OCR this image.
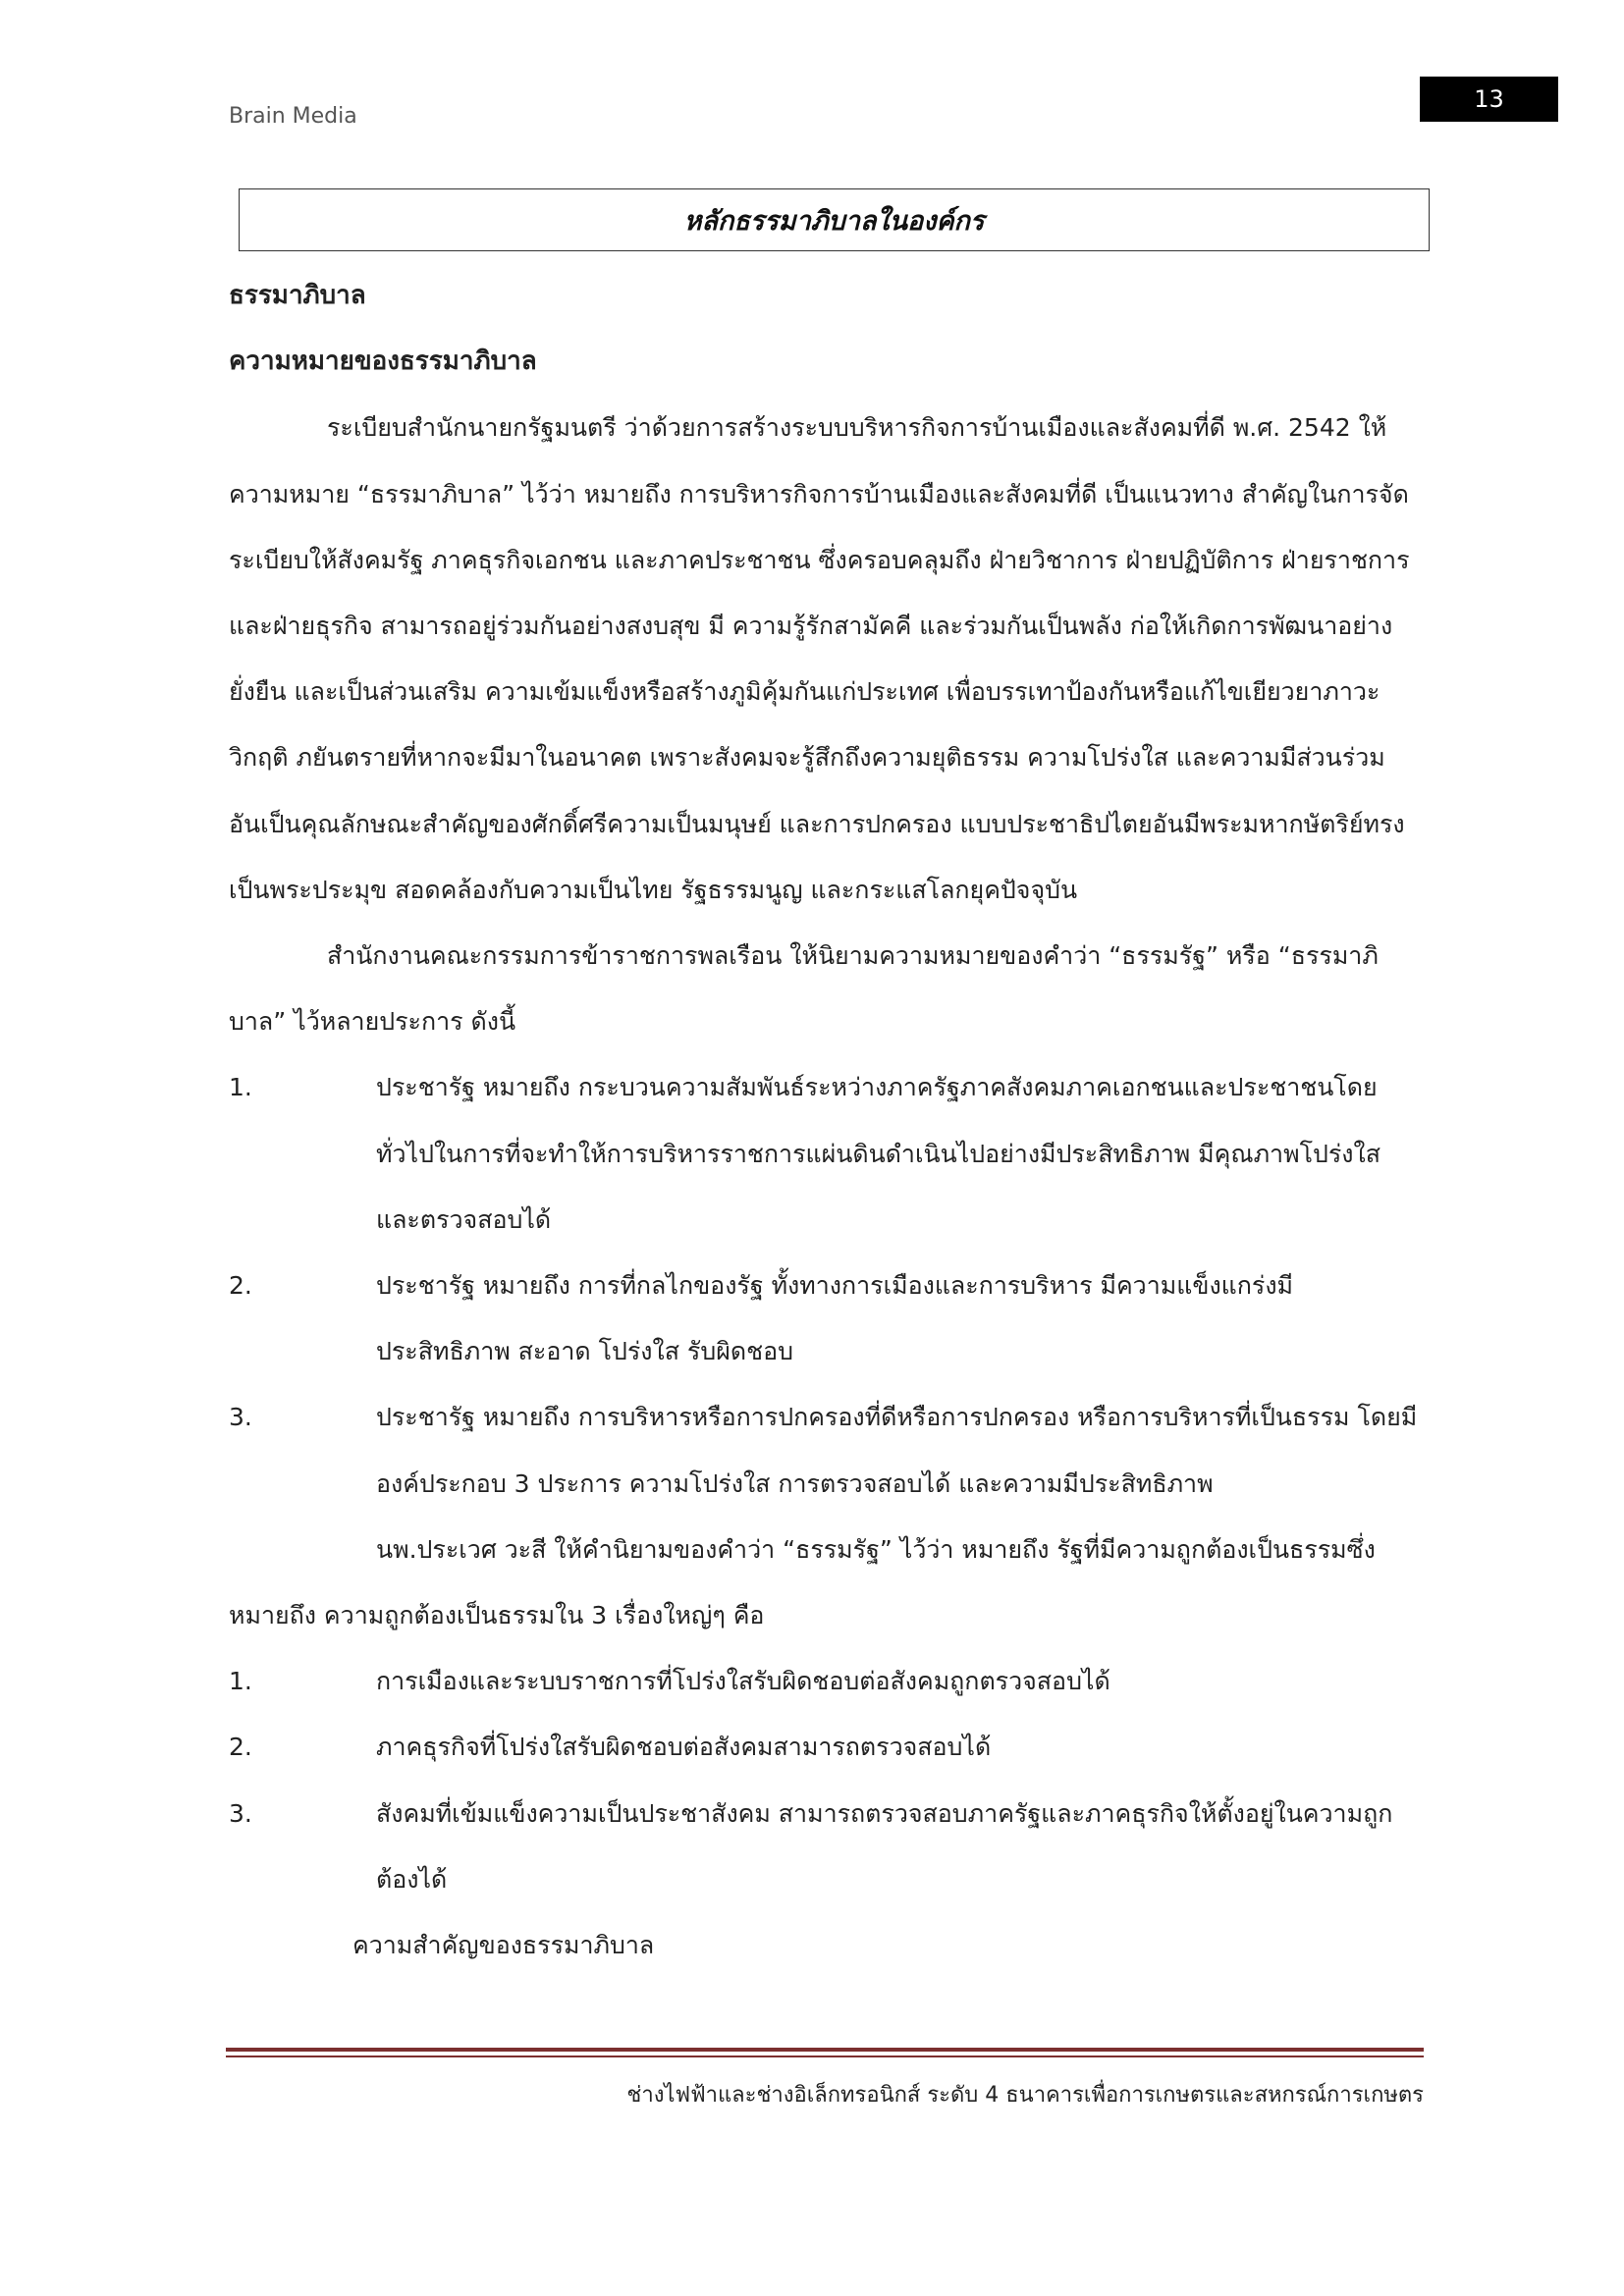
Brain Media
13
หลักธรรมาภิบาลในองค์กร

ธรรมาภิบาล

ความหมายของธรรมาภิบาล

ระเบียบสำนักนายกรัฐมนตรี ว่าด้วยการสร้างระบบบริหารกิจการบ้านเมืองและสังคมที่ดี พ.ศ. 2542 ให้ความหมาย “ธรรมาภิบาล” ไว้ว่า หมายถึง การบริหารกิจการบ้านเมืองและสังคมที่ดี เป็นแนวทาง สำคัญในการจัดระเบียบให้สังคมรัฐ ภาคธุรกิจเอกชน และภาคประชาชน ซึ่งครอบคลุมถึง ฝ่ายวิชาการ ฝ่ายปฏิบัติการ ฝ่ายราชการ และฝ่ายธุรกิจ สามารถอยู่ร่วมกันอย่างสงบสุข มี ความรู้รักสามัคคี และร่วมกันเป็นพลัง ก่อให้เกิดการพัฒนาอย่างยั่งยืน และเป็นส่วนเสริม ความเข้มแข็งหรือสร้างภูมิคุ้มกันแก่ประเทศ เพื่อบรรเทาป้องกันหรือแก้ไขเยียวยาภาวะ วิกฤติ ภยันตรายที่หากจะมีมาในอนาคต เพราะสังคมจะรู้สึกถึงความยุติธรรม ความโปร่งใส และความมีส่วนร่วม อันเป็นคุณลักษณะสำคัญของศักดิ์ศรีความเป็นมนุษย์ และการปกครอง แบบประชาธิปไตยอันมีพระมหากษัตริย์ทรงเป็นพระประมุข สอดคล้องกับความเป็นไทย รัฐธรรมนูญ และกระแสโลกยุคปัจจุบัน

สำนักงานคณะกรรมการข้าราชการพลเรือน ให้นิยามความหมายของคำว่า “ธรรมรัฐ” หรือ “ธรรมาภิบาล” ไว้หลายประการ ดังนี้

1.	ประชารัฐ หมายถึง กระบวนความสัมพันธ์ระหว่างภาครัฐภาคสังคมภาคเอกชนและประชาชนโดยทั่วไปในการที่จะทำให้การบริหารราชการแผ่นดินดำเนินไปอย่างมีประสิทธิภาพ มีคุณภาพโปร่งใสและตรวจสอบได้
2.	ประชารัฐ หมายถึง การที่กลไกของรัฐ ทั้งทางการเมืองและการบริหาร มีความแข็งแกร่งมีประสิทธิภาพ สะอาด โปร่งใส รับผิดชอบ
3.	ประชารัฐ หมายถึง การบริหารหรือการปกครองที่ดีหรือการปกครอง หรือการบริหารที่เป็นธรรม โดยมีองค์ประกอบ 3 ประการ ความโปร่งใส การตรวจสอบได้ และความมีประสิทธิภาพ

นพ.ประเวศ วะสี ให้คำนิยามของคำว่า “ธรรมรัฐ” ไว้ว่า หมายถึง รัฐที่มีความถูกต้องเป็นธรรมซึ่งหมายถึง ความถูกต้องเป็นธรรมใน 3 เรื่องใหญ่ๆ คือ

1.	การเมืองและระบบราชการที่โปร่งใสรับผิดชอบต่อสังคมถูกตรวจสอบได้
2.	ภาคธุรกิจที่โปร่งใสรับผิดชอบต่อสังคมสามารถตรวจสอบได้
3.	สังคมที่เข้มแข็งความเป็นประชาสังคม สามารถตรวจสอบภาครัฐและภาคธุรกิจให้ตั้งอยู่ในความถูกต้องได้

ความสำคัญของธรรมาภิบาล

ช่างไฟฟ้าและช่างอิเล็กทรอนิกส์ ระดับ 4 ธนาคารเพื่อการเกษตรและสหกรณ์การเกษตร
